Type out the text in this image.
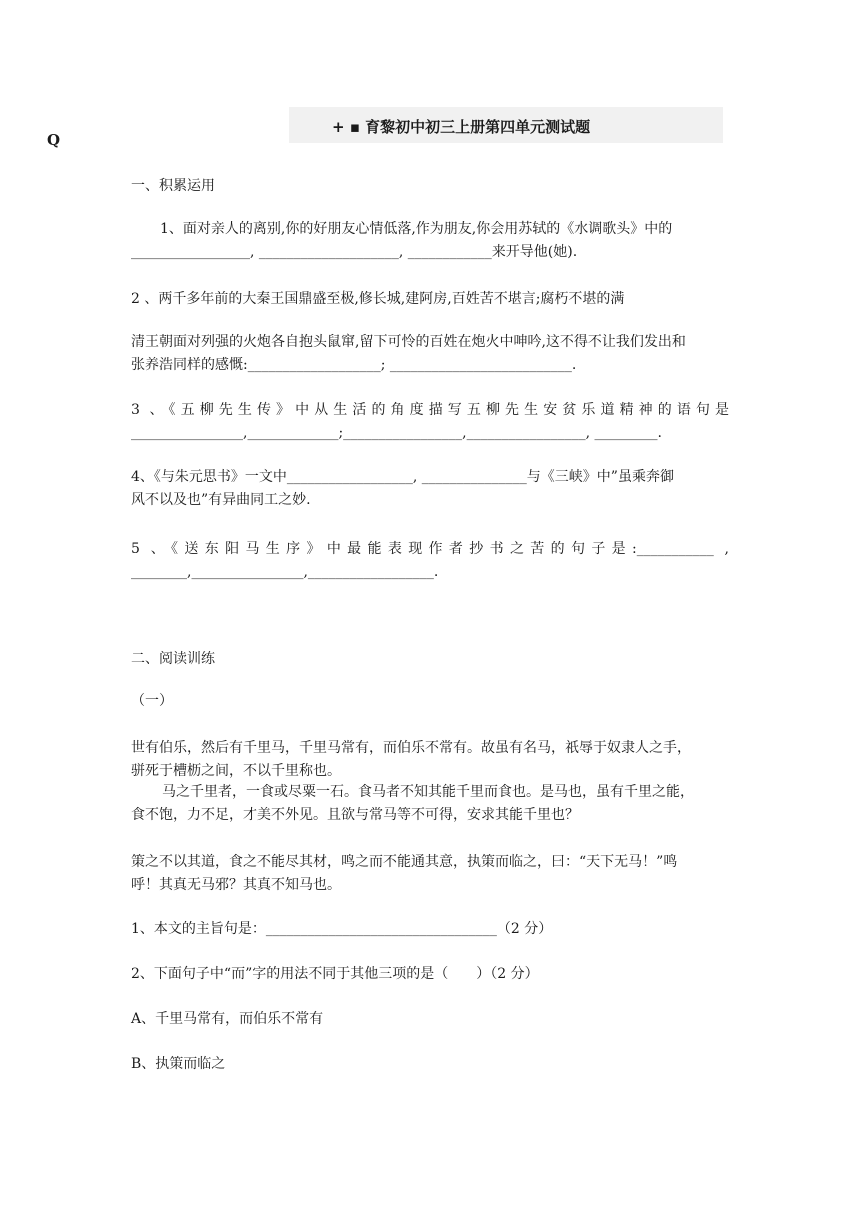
+ ▪ 育黎初中初三上册第四单元测试题
Q
一、积累运用
1、面对亲人的离别,你的好朋友心情低落,作为朋友,你会用苏轼的《水调歌头》中的
_________________, ____________________, ____________来开导他(她).
2 、两千多年前的大秦王国鼎盛至极,修长城,建阿房,百姓苦不堪言;腐朽不堪的满
清王朝面对列强的火炮各自抱头鼠窜,留下可怜的百姓在炮火中呻吟,这不得不让我们发出和
张养浩同样的感慨:___________________; __________________________.
3 、《五柳先生传》中从生活的角度描写五柳先生安贫乐道精神的语句是
________________,_____________;_________________,_________________, _________.
4、《与朱元思书》一文中__________________, _______________与《三峡》中”虽乘奔御
风不以及也”有异曲同工之妙.
5 、《送东阳马生序》中最能表现作者抄书之苦的句子是:___________ ,
________,________________,__________________.
二、阅读训练
（一）
世有伯乐，然后有千里马，千里马常有，而伯乐不常有。故虽有名马，祇辱于奴隶人之手，
骈死于槽枥之间，不以千里称也。
马之千里者，一食或尽粟一石。食马者不知其能千里而食也。是马也，虽有千里之能，
食不饱，力不足，才美不外见。且欲与常马等不可得，安求其能千里也？
策之不以其道，食之不能尽其材，鸣之而不能通其意，执策而临之，曰：“天下无马！”鸣
呼！其真无马邪？其真不知马也。
1、本文的主旨句是：_________________________________（2 分）
2、下面句子中“而”字的用法不同于其他三项的是（　　）（2 分）
A、千里马常有，而伯乐不常有
B、执策而临之
